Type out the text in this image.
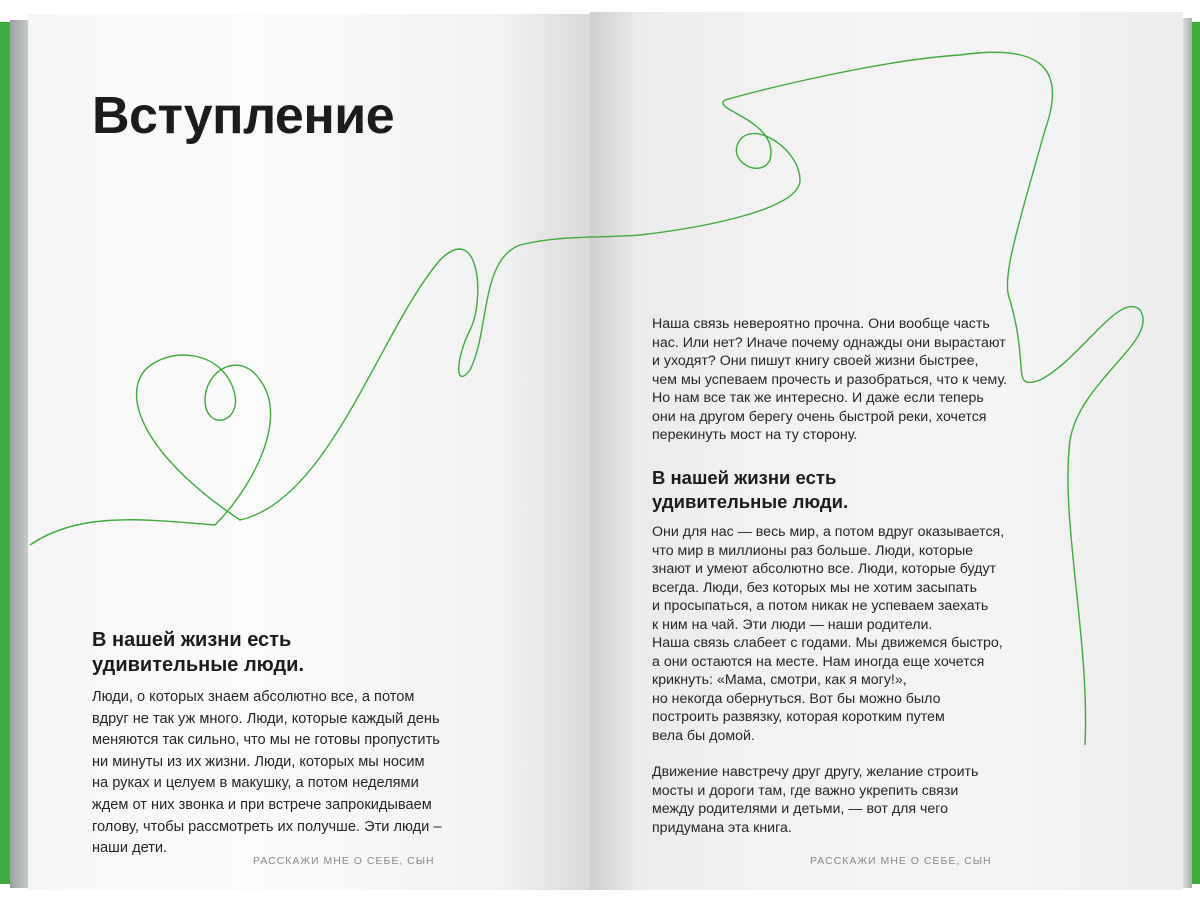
Вступление
В нашей жизни есть
удивительные люди.

Люди, о которых знаем абсолютно все, а потом
вдруг не так уж много. Люди, которые каждый день
меняются так сильно, что мы не готовы пропустить
ни минуты из их жизни. Люди, которых мы носим
на руках и целуем в макушку, а потом неделями
ждем от них звонка и при встрече запрокидываем
голову, чтобы рассмотреть их получше. Эти люди –
наши дети.

РАССКАЖИ МНЕ О СЕБЕ, СЫН

Наша связь невероятно прочна. Они вообще часть
нас. Или нет? Иначе почему однажды они вырастают
и уходят? Они пишут книгу своей жизни быстрее,
чем мы успеваем прочесть и разобраться, что к чему.
Но нам все так же интересно. И даже если теперь
они на другом берегу очень быстрой реки, хочется
перекинуть мост на ту сторону.

В нашей жизни есть
удивительные люди.

Они для нас — весь мир, а потом вдруг оказывается,
что мир в миллионы раз больше. Люди, которые
знают и умеют абсолютно все. Люди, которые будут
всегда. Люди, без которых мы не хотим засыпать
и просыпаться, а потом никак не успеваем заехать
к ним на чай. Эти люди — наши родители.
Наша связь слабеет с годами. Мы движемся быстро,
а они остаются на месте. Нам иногда еще хочется
крикнуть: «Мама, смотри, как я могу!»,
но некогда обернуться. Вот бы можно было
построить развязку, которая коротким путем
вела бы домой.

Движение навстречу друг другу, желание строить
мосты и дороги там, где важно укрепить связи
между родителями и детьми, — вот для чего
придумана эта книга.

РАССКАЖИ МНЕ О СЕБЕ, СЫН
